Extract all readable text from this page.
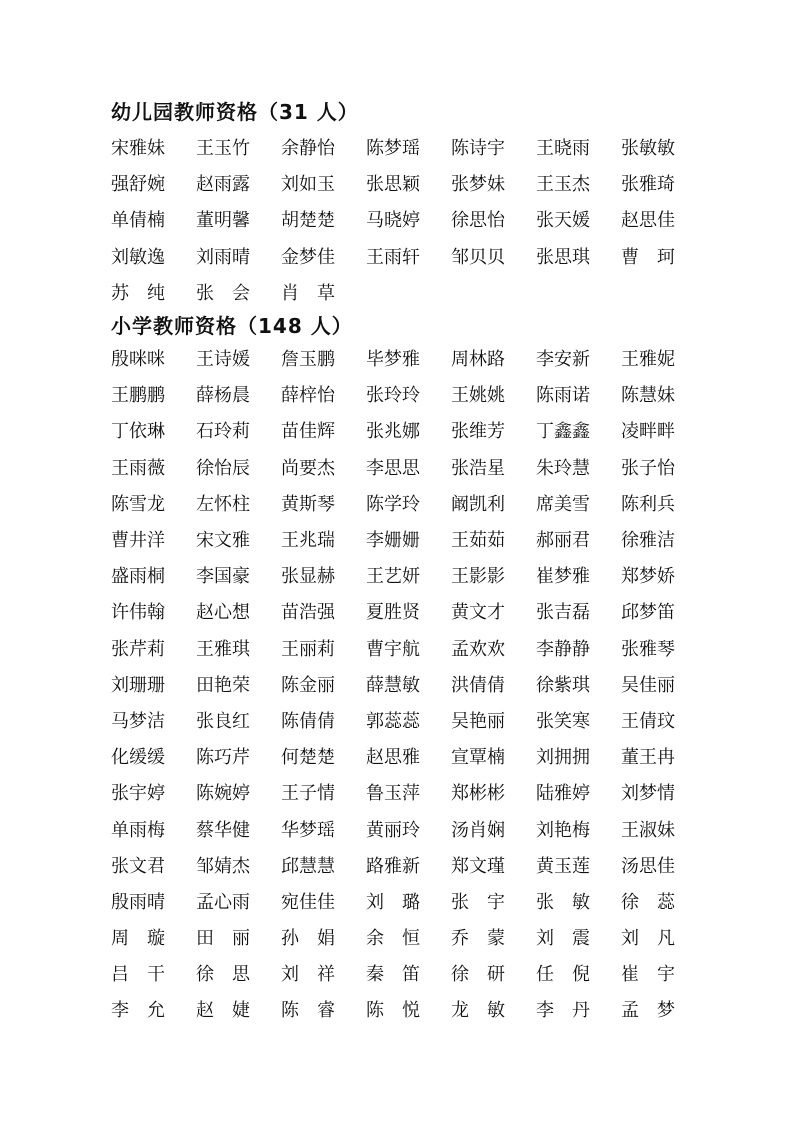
幼儿园教师资格（31 人）
宋雅妹	王玉竹	余静怡	陈梦瑶	陈诗宇	王晓雨	张敏敏
强舒婉	赵雨露	刘如玉	张思颖	张梦妹	王玉杰	张雅琦
单倩楠	董明馨	胡楚楚	马晓婷	徐思怡	张天媛	赵思佳
刘敏逸	刘雨晴	金梦佳	王雨轩	邹贝贝	张思琪	曹　珂
苏　纯	张　会	肖　草
小学教师资格（148 人）
殷咪咪	王诗媛	詹玉鹏	毕梦雅	周林路	李安新	王雅妮
王鹏鹏	薛杨晨	薛梓怡	张玲玲	王姚姚	陈雨诺	陈慧妹
丁依琳	石玲莉	苗佳辉	张兆娜	张维芳	丁鑫鑫	凌畔畔
王雨薇	徐怡辰	尚要杰	李思思	张浩星	朱玲慧	张子怡
陈雪龙	左怀柱	黄斯琴	陈学玲	阚凯利	席美雪	陈利兵
曹井洋	宋文雅	王兆瑞	李姗姗	王茹茹	郝丽君	徐雅洁
盛雨桐	李国豪	张显赫	王艺妍	王影影	崔梦雅	郑梦娇
许伟翰	赵心想	苗浩强	夏胜贤	黄文才	张吉磊	邱梦笛
张芹莉	王雅琪	王丽莉	曹宇航	孟欢欢	李静静	张雅琴
刘珊珊	田艳荣	陈金丽	薛慧敏	洪倩倩	徐紫琪	吴佳丽
马梦洁	张良红	陈倩倩	郭蕊蕊	吴艳丽	张笑寒	王倩玟
化缓缓	陈巧芹	何楚楚	赵思雅	宣覃楠	刘拥拥	董王冉
张宇婷	陈婉婷	王子情	鲁玉萍	郑彬彬	陆雅婷	刘梦情
单雨梅	蔡华健	华梦瑶	黄丽玲	汤肖娴	刘艳梅	王淑妹
张文君	邹婧杰	邱慧慧	路雅新	郑文瑾	黄玉莲	汤思佳
殷雨晴	孟心雨	宛佳佳	刘　璐	张　宇	张　敏	徐　蕊
周　璇	田　丽	孙　娟	余　恒	乔　蒙	刘　震	刘　凡
吕　干	徐　思	刘　祥	秦　笛	徐　研	任　倪	崔　宇
李　允	赵　婕	陈　睿	陈　悦	龙　敏	李　丹	孟　梦
